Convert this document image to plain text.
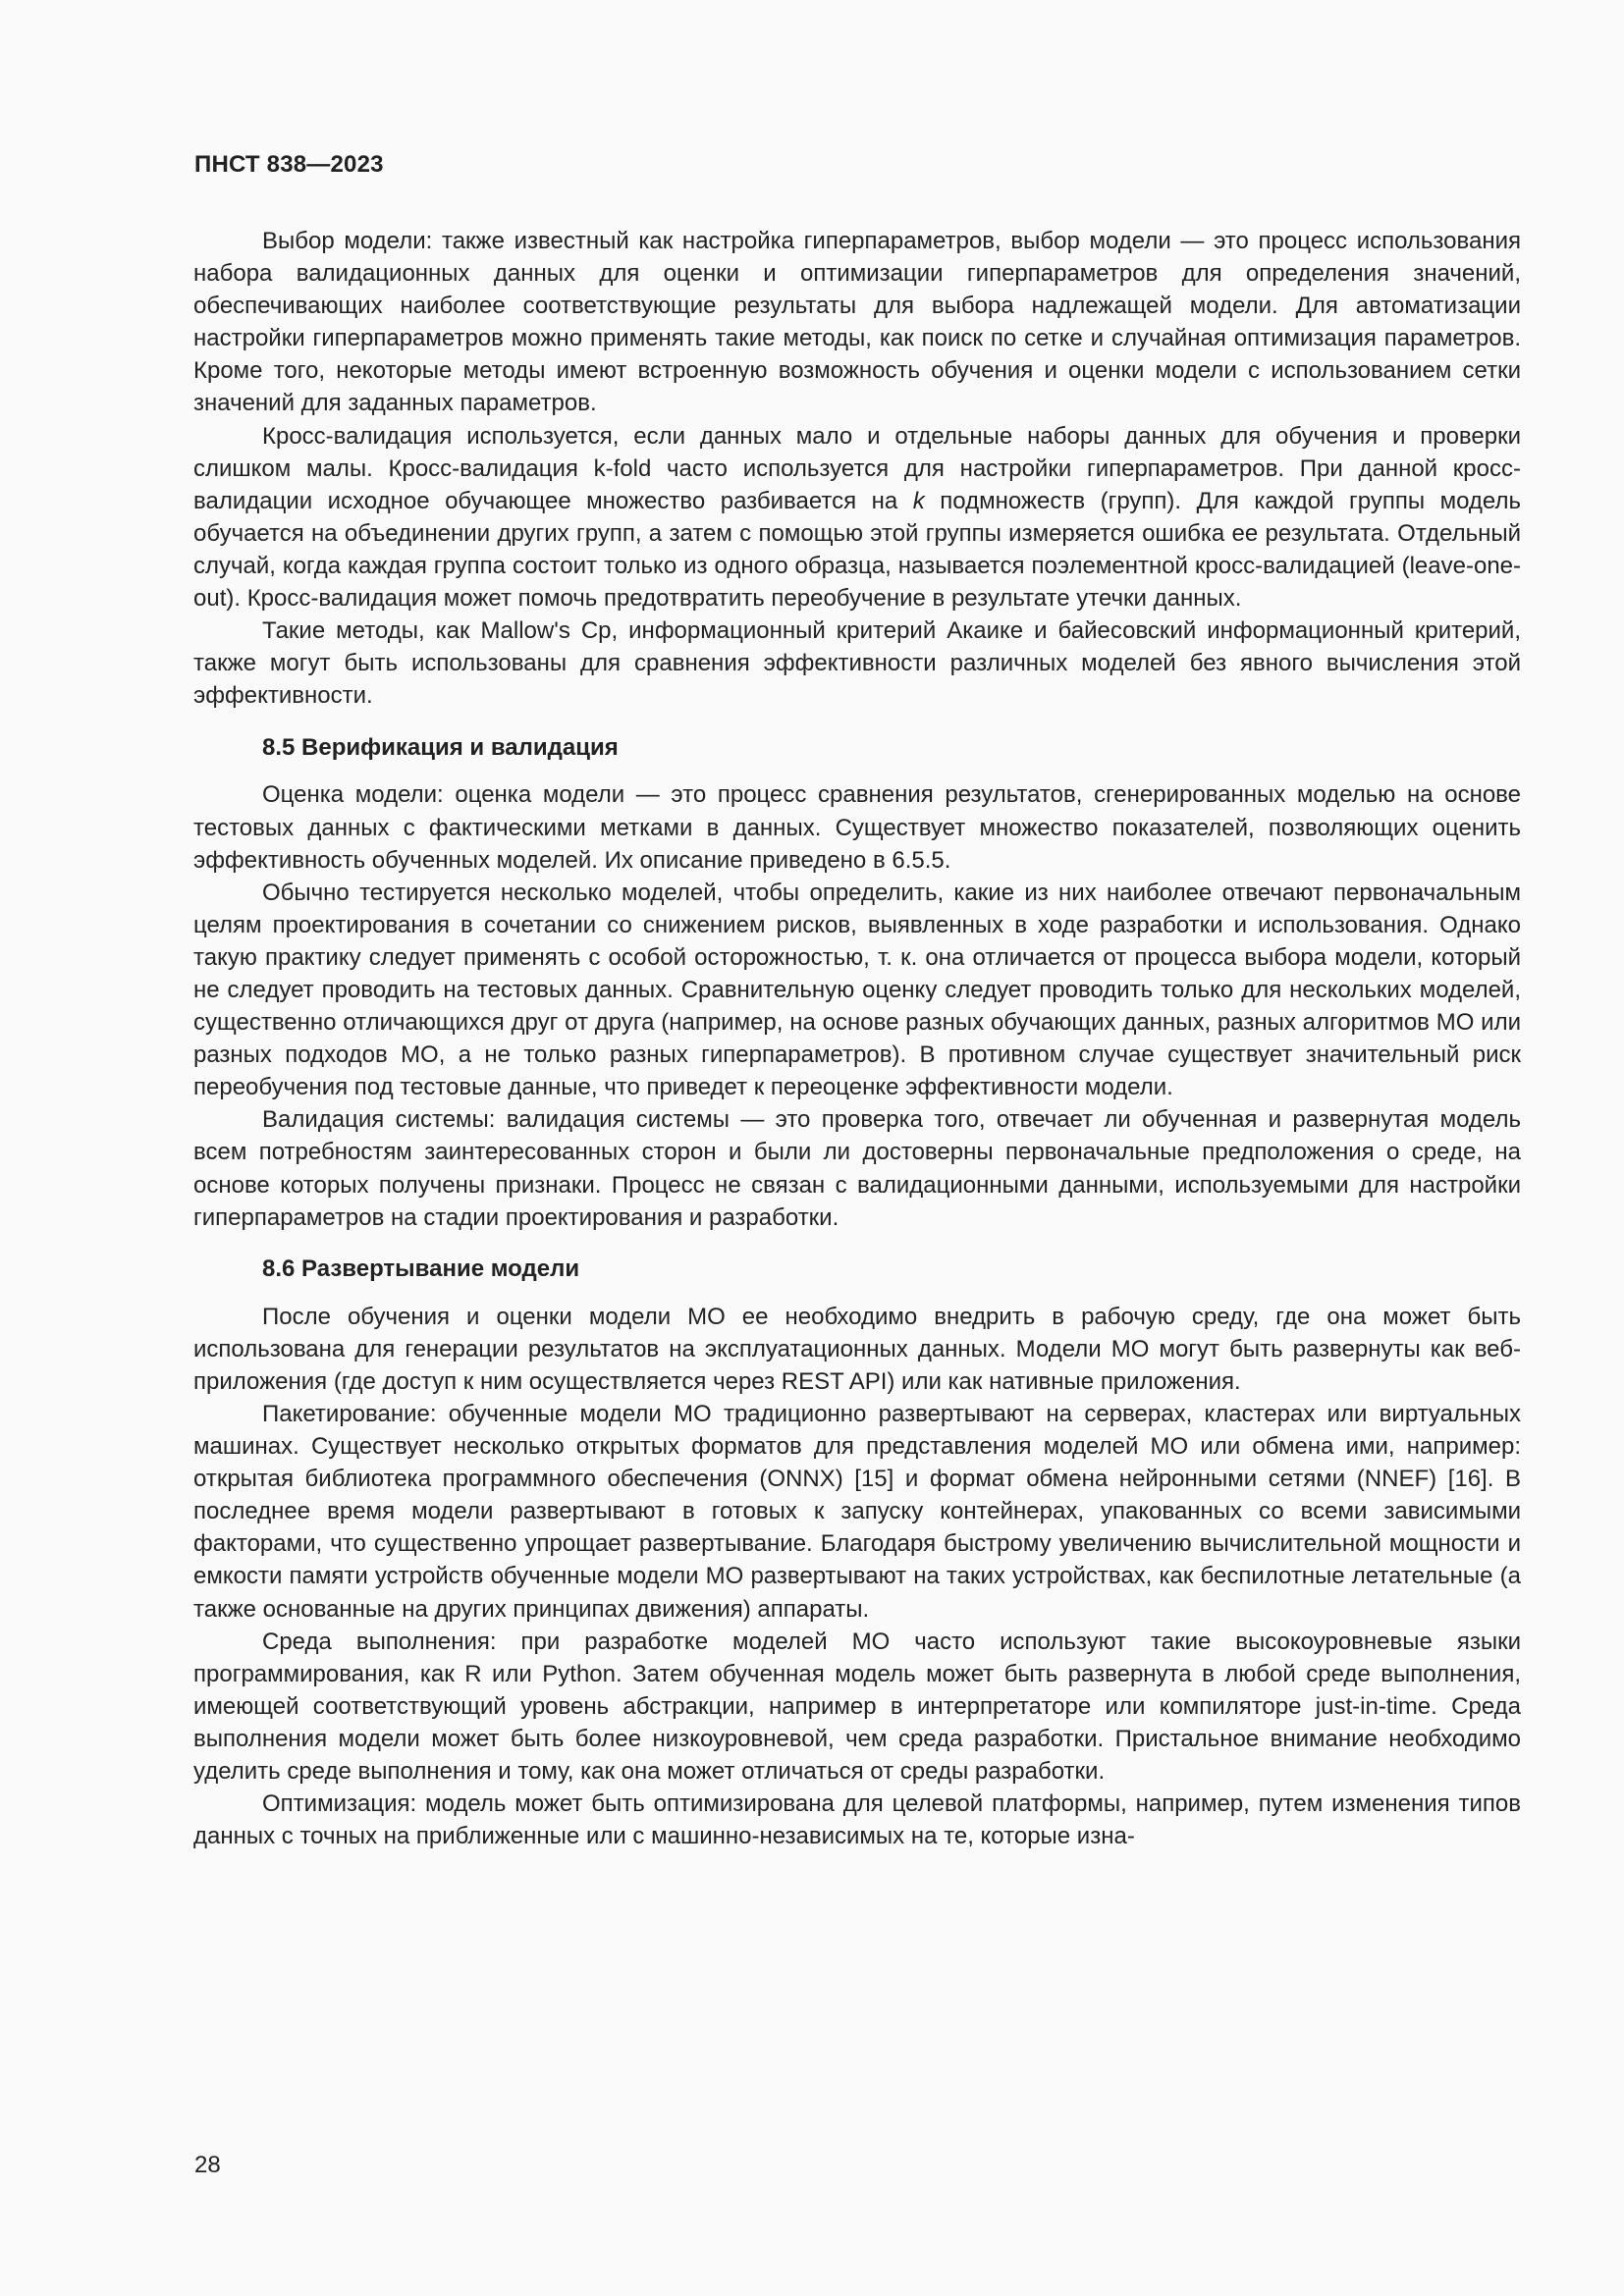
ПНСТ 838—2023

Выбор модели: также известный как настройка гиперпараметров, выбор модели — это процесс использования набора валидационных данных для оценки и оптимизации гиперпараметров для определения значений, обеспечивающих наиболее соответствующие результаты для выбора надлежащей модели. Для автоматизации настройки гиперпараметров можно применять такие методы, как поиск по сетке и случайная оптимизация параметров. Кроме того, некоторые методы имеют встроенную возможность обучения и оценки модели с использованием сетки значений для заданных параметров.

Кросс-валидация используется, если данных мало и отдельные наборы данных для обучения и проверки слишком малы. Кросс-валидация k-fold часто используется для настройки гиперпараметров. При данной кросс-валидации исходное обучающее множество разбивается на k подмножеств (групп). Для каждой группы модель обучается на объединении других групп, а затем с помощью этой группы измеряется ошибка ее результата. Отдельный случай, когда каждая группа состоит только из одного образца, называется поэлементной кросс-валидацией (leave-one-out). Кросс-валидация может помочь предотвратить переобучение в результате утечки данных.

Такие методы, как Mallow's Cp, информационный критерий Акаике и байесовский информационный критерий, также могут быть использованы для сравнения эффективности различных моделей без явного вычисления этой эффективности.

8.5 Верификация и валидация

Оценка модели: оценка модели — это процесс сравнения результатов, сгенерированных моделью на основе тестовых данных с фактическими метками в данных. Существует множество показателей, позволяющих оценить эффективность обученных моделей. Их описание приведено в 6.5.5.

Обычно тестируется несколько моделей, чтобы определить, какие из них наиболее отвечают первоначальным целям проектирования в сочетании со снижением рисков, выявленных в ходе разработки и использования. Однако такую практику следует применять с особой осторожностью, т. к. она отличается от процесса выбора модели, который не следует проводить на тестовых данных. Сравнительную оценку следует проводить только для нескольких моделей, существенно отличающихся друг от друга (например, на основе разных обучающих данных, разных алгоритмов МО или разных подходов МО, а не только разных гиперпараметров). В противном случае существует значительный риск переобучения под тестовые данные, что приведет к переоценке эффективности модели.

Валидация системы: валидация системы — это проверка того, отвечает ли обученная и развернутая модель всем потребностям заинтересованных сторон и были ли достоверны первоначальные предположения о среде, на основе которых получены признаки. Процесс не связан с валидационными данными, используемыми для настройки гиперпараметров на стадии проектирования и разработки.

8.6 Развертывание модели

После обучения и оценки модели МО ее необходимо внедрить в рабочую среду, где она может быть использована для генерации результатов на эксплуатационных данных. Модели МО могут быть развернуты как веб-приложения (где доступ к ним осуществляется через REST API) или как нативные приложения.

Пакетирование: обученные модели МО традиционно развертывают на серверах, кластерах или виртуальных машинах. Существует несколько открытых форматов для представления моделей МО или обмена ими, например: открытая библиотека программного обеспечения (ONNX) [15] и формат обмена нейронными сетями (NNEF) [16]. В последнее время модели развертывают в готовых к запуску контейнерах, упакованных со всеми зависимыми факторами, что существенно упрощает развертывание. Благодаря быстрому увеличению вычислительной мощности и емкости памяти устройств обученные модели МО развертывают на таких устройствах, как беспилотные летательные (а также основанные на других принципах движения) аппараты.

Среда выполнения: при разработке моделей МО часто используют такие высокоуровневые языки программирования, как R или Python. Затем обученная модель может быть развернута в любой среде выполнения, имеющей соответствующий уровень абстракции, например в интерпретаторе или компиляторе just-in-time. Среда выполнения модели может быть более низкоуровневой, чем среда разработки. Пристальное внимание необходимо уделить среде выполнения и тому, как она может отличаться от среды разработки.

Оптимизация: модель может быть оптимизирована для целевой платформы, например, путем изменения типов данных с точных на приближенные или с машинно-независимых на те, которые изна-

28
